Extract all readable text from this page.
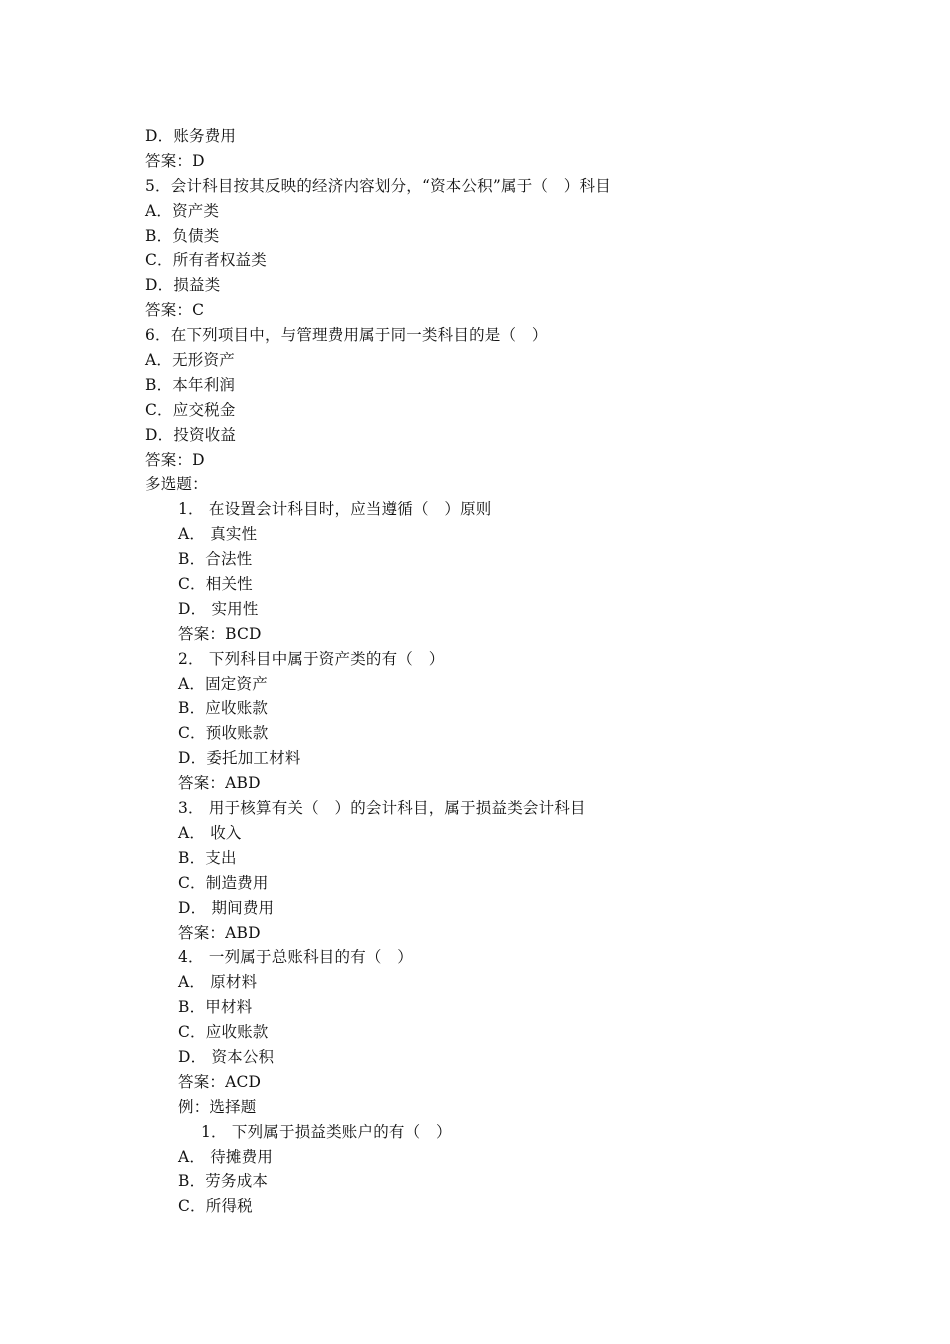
D．账务费用
答案：D
5．会计科目按其反映的经济内容划分，“资本公积”属于（　）科目
A．资产类
B．负债类
C．所有者权益类
D．损益类
答案：C
6．在下列项目中，与管理费用属于同一类科目的是（　）
A．无形资产
B．本年利润
C．应交税金
D．投资收益
答案：D
多选题：
1． 在设置会计科目时，应当遵循（　）原则
A． 真实性
B．合法性
C．相关性
D． 实用性
答案：BCD
2． 下列科目中属于资产类的有（　）
A．固定资产
B．应收账款
C．预收账款
D．委托加工材料
答案：ABD
3． 用于核算有关（　）的会计科目，属于损益类会计科目
A． 收入
B．支出
C．制造费用
D． 期间费用
答案：ABD
4． 一列属于总账科目的有（　）
A． 原材料
B．甲材料
C．应收账款
D． 资本公积
答案：ACD
例：选择题
1． 下列属于损益类账户的有（　）
A． 待摊费用
B．劳务成本
C．所得税
